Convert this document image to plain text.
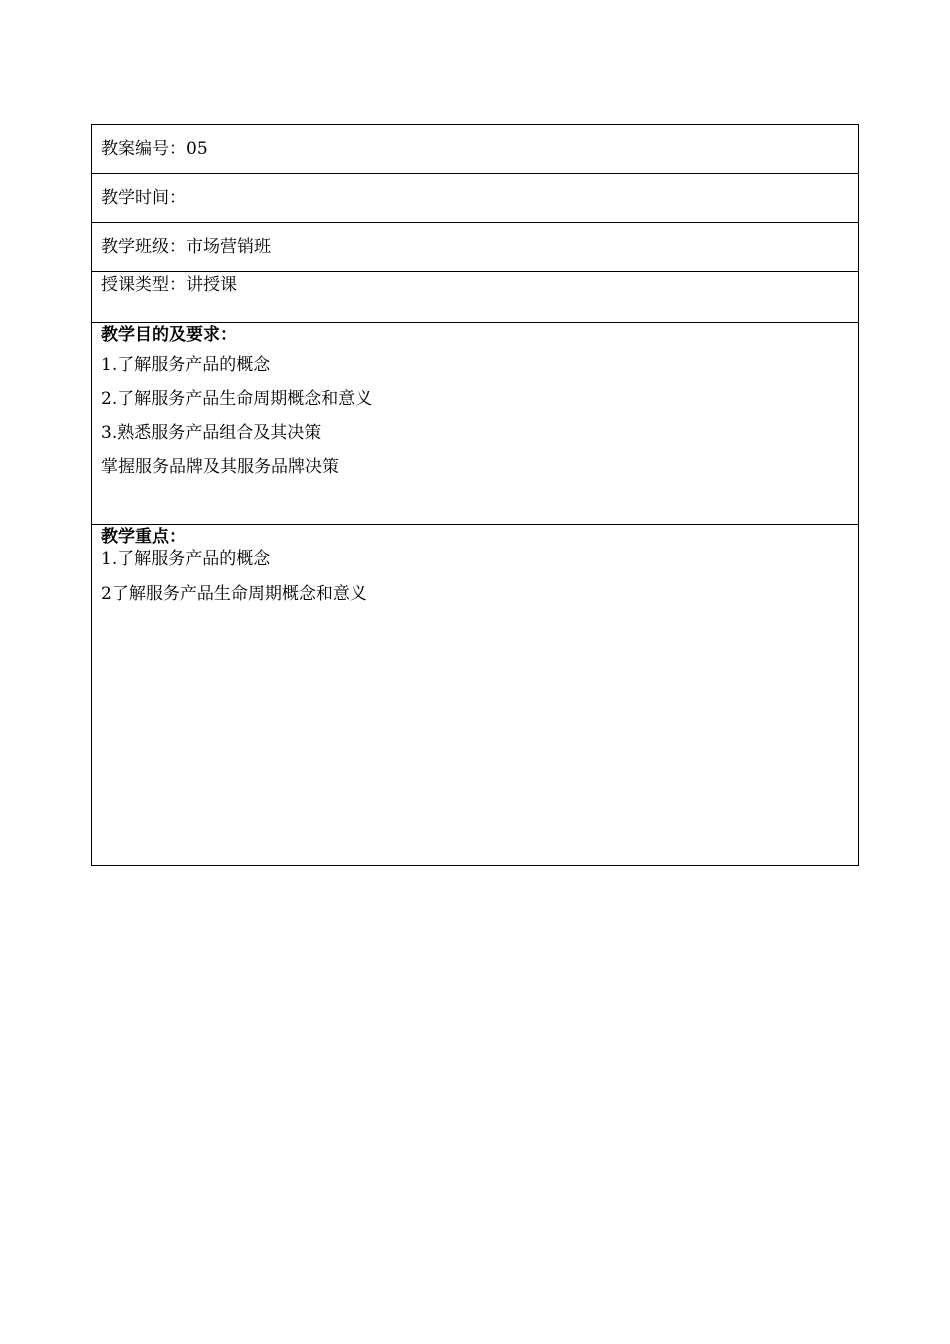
教案编号： 05
教学时间：
教学班级： 市场营销班
授课类型：讲授课
教学目的及要求：
1.了解服务产品的概念
2.了解服务产品生命周期概念和意义
3.熟悉服务产品组合及其决策
掌握服务品牌及其服务品牌决策
教学重点：
1.了解服务产品的概念
2了解服务产品生命周期概念和意义
